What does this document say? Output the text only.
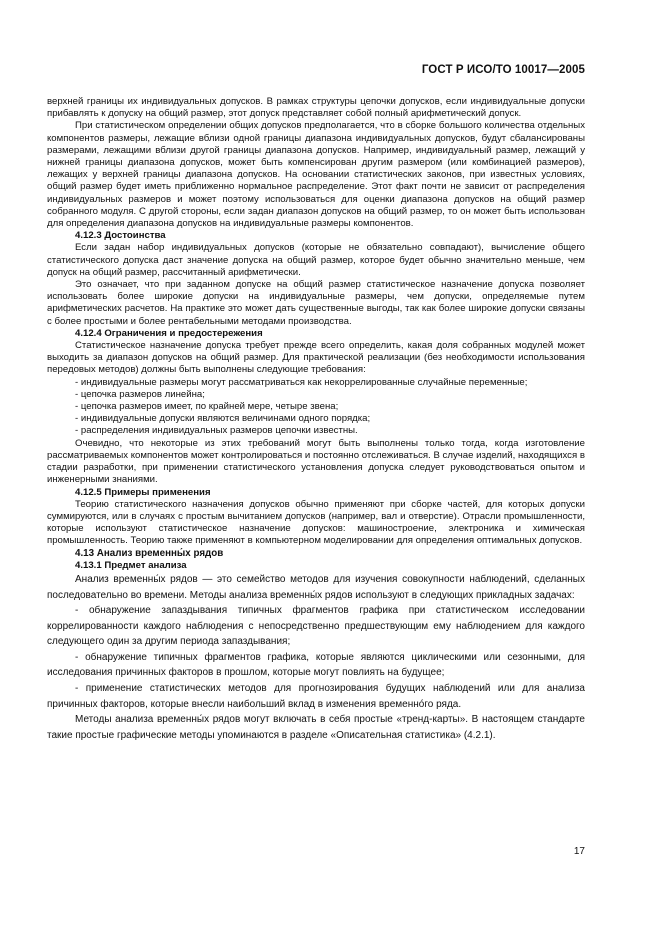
ГОСТ Р ИСО/ТО 10017—2005

верхней границы их индивидуальных допусков. В рамках структуры цепочки допусков, если индивидуальные допуски прибавлять к допуску на общий размер, этот допуск представляет собой полный арифметический допуск.

При статистическом определении общих допусков предполагается, что в сборке большого количества отдельных компонентов размеры, лежащие вблизи одной границы диапазона индивидуальных допусков, будут сбалансированы размерами, лежащими вблизи другой границы диапазона допусков. Например, индивидуальный размер, лежащий у нижней границы диапазона допусков, может быть компенсирован другим размером (или комбинацией размеров), лежащих у верхней границы диапазона допусков. На основании статистических законов, при известных условиях, общий размер будет иметь приближенно нормальное распределение. Этот факт почти не зависит от распределения индивидуальных размеров и может поэтому использоваться для оценки диапазона допусков на общий размер собранного модуля. С другой стороны, если задан диапазон допусков на общий размер, то он может быть использован для определения диапазона допусков на индивидуальные размеры компонентов.

4.12.3 Достоинства

Если задан набор индивидуальных допусков (которые не обязательно совпадают), вычисление общего статистического допуска даст значение допуска на общий размер, которое будет обычно значительно меньше, чем допуск на общий размер, рассчитанный арифметически.

Это означает, что при заданном допуске на общий размер статистическое назначение допуска позволяет использовать более широкие допуски на индивидуальные размеры, чем допуски, определяемые путем арифметических расчетов. На практике это может дать существенные выгоды, так как более широкие допуски связаны с более простыми и более рентабельными методами производства.

4.12.4 Ограничения и предостережения

Статистическое назначение допуска требует прежде всего определить, какая доля собранных модулей может выходить за диапазон допусков на общий размер. Для практической реализации (без необходимости использования передовых методов) должны быть выполнены следующие требования:

- индивидуальные размеры могут рассматриваться как некоррелированные случайные переменные;

- цепочка размеров линейна;

- цепочка размеров имеет, по крайней мере, четыре звена;

- индивидуальные допуски являются величинами одного порядка;

- распределения индивидуальных размеров цепочки известны.

Очевидно, что некоторые из этих требований могут быть выполнены только тогда, когда изготовление рассматриваемых компонентов может контролироваться и постоянно отслеживаться. В случае изделий, находящихся в стадии разработки, при применении статистического установления допуска следует руководствоваться опытом и инженерными знаниями.

4.12.5 Примеры применения

Теорию статистического назначения допусков обычно применяют при сборке частей, для которых допуски суммируются, или в случаях с простым вычитанием допусков (например, вал и отверстие). Отрасли промышленности, которые используют статистическое назначение допусков: машиностроение, электроника и химическая промышленность. Теорию также применяют в компьютерном моделировании для определения оптимальных допусков.

4.13 Анализ временны́х рядов

4.13.1 Предмет анализа

Анализ временны́х рядов — это семейство методов для изучения совокупности наблюдений, сделанных последовательно во времени. Методы анализа временны́х рядов используют в следующих прикладных задачах:

- обнаружение запаздывания типичных фрагментов графика при статистическом исследовании коррелированности каждого наблюдения с непосредственно предшествующим ему наблюдением для каждого следующего один за другим периода запаздывания;

- обнаружение типичных фрагментов графика, которые являются циклическими или сезонными, для исследования причинных факторов в прошлом, которые могут повлиять на будущее;

- применение статистических методов для прогнозирования будущих наблюдений или для анализа причинных факторов, которые внесли наибольший вклад в изменения временно́го ряда.

Методы анализа временны́х рядов могут включать в себя простые «тренд-карты». В настоящем стандарте такие простые графические методы упоминаются в разделе «Описательная статистика» (4.2.1).

17
